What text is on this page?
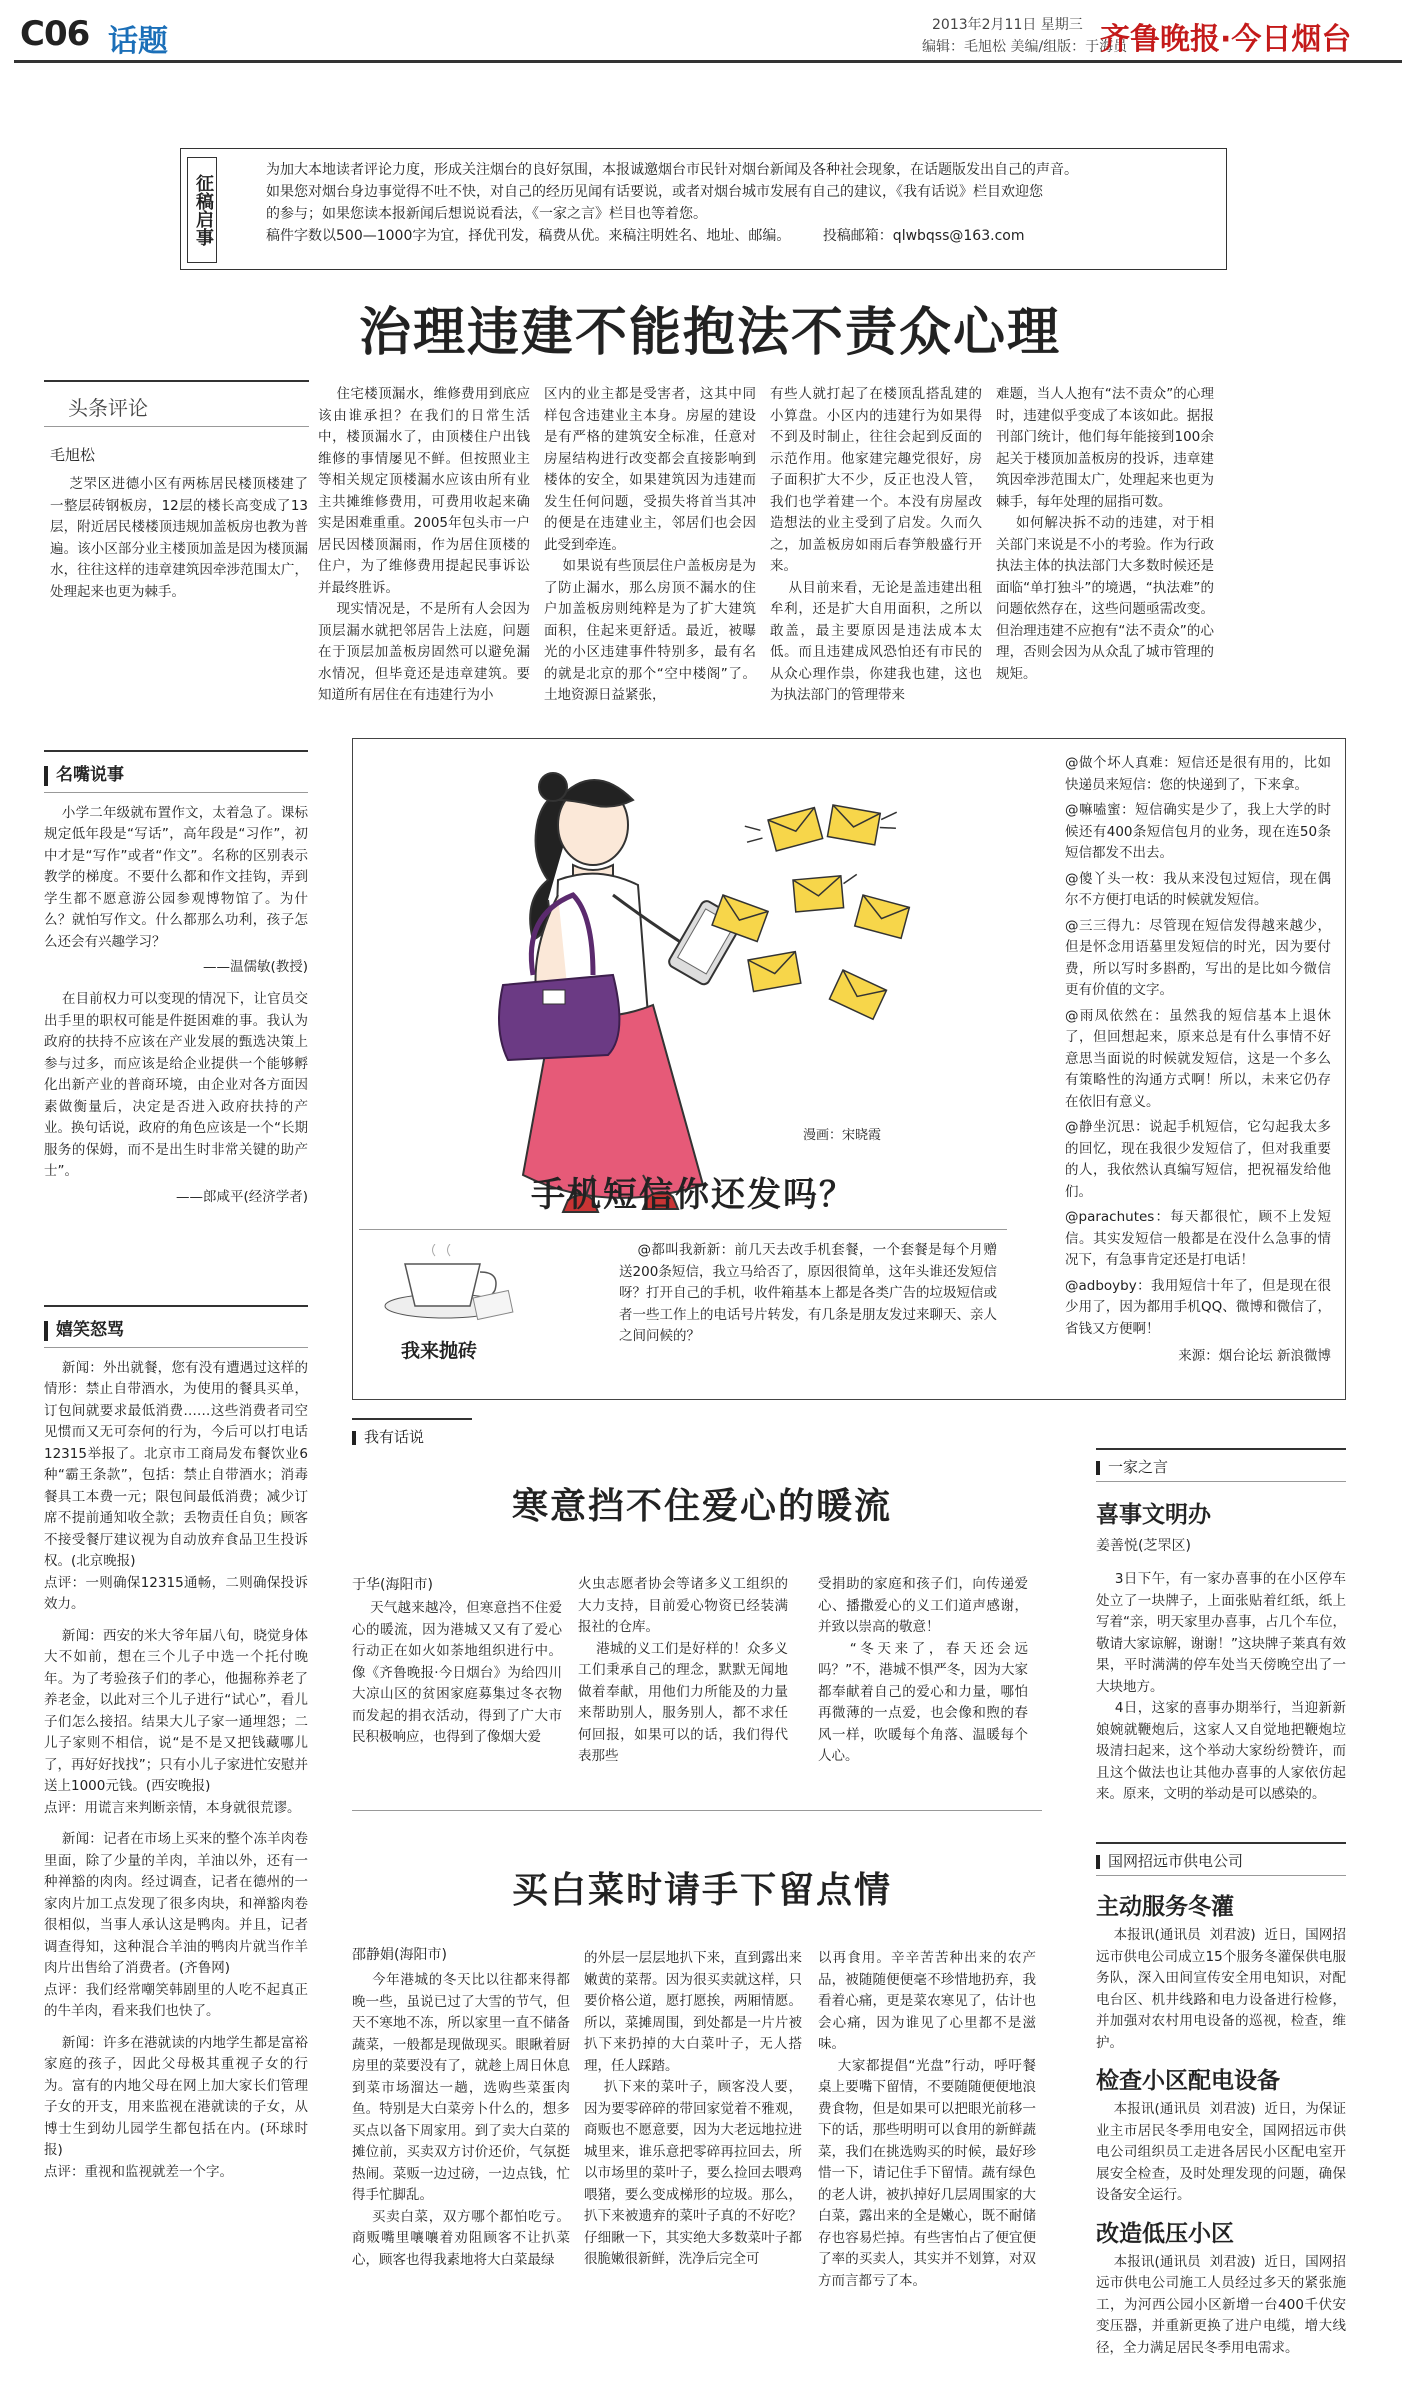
C06 话题	2013年2月11日 星期三
编辑：毛旭松 美编/组版：于海员
齐鲁晚报·今日烟台
征稿启事
为加大本地读者评论力度，形成关注烟台的良好氛围，本报诚邀烟台市民针对烟台新闻及各种社会现象，在话题版发出自己的声音。
如果您对烟台身边事觉得不吐不快，对自己的经历见闻有话要说，或者对烟台城市发展有自己的建议，《我有话说》栏目欢迎您
的参与；如果您读本报新闻后想说说看法，《一家之言》栏目也等着您。
稿件字数以500—1000字为宜，择优刊发，稿费从优。来稿注明姓名、地址、邮编。 投稿邮箱：qlwbqss@163.com
治理违建不能抱法不责众心理
头条评论
毛旭松

芝罘区进德小区有两栋居民楼顶楼建了一整层砖钢板房，12层的楼长高变成了13层，附近居民楼楼顶违规加盖板房也教为普遍。该小区部分业主楼顶加盖是因为楼顶漏水，往往这样的违章建筑因牵涉范围太广，处理起来也更为棘手。

住宅楼顶漏水，维修费用到底应该由谁承担？在我们的日常生活中，楼顶漏水了，由顶楼住户出钱维修的事情屡见不鲜。但按照业主等相关规定顶楼漏水应该由所有业主共摊维修费用，可费用收起来确实是困难重重。2005年包头市一户居民因楼顶漏雨，作为居住顶楼的住户，为了维修费用提起民事诉讼并最终胜诉。
现实情况是，不是所有人会因为顶层漏水就把邻居告上法庭，问题在于顶层加盖板房固然可以避免漏水情况，但毕竟还是违章建筑。要知道所有居住在有违建行为小

区内的业主都是受害者，这其中同样包含违建业主本身。房屋的建设是有严格的建筑安全标准，任意对房屋结构进行改变都会直接影响到楼体的安全，如果建筑因为违建而发生任何问题，受损失将首当其冲的便是在违建业主，邻居们也会因此受到牵连。
如果说有些顶层住户盖板房是为了防止漏水，那么房顶不漏水的住户加盖板房则纯粹是为了扩大建筑面积，住起来更舒适。最近，被曝光的小区违建事件特别多，最有名的就是北京的那个“空中楼阁”了。土地资源日益紧张，

有些人就打起了在楼顶乱搭乱建的小算盘。小区内的违建行为如果得不到及时制止，往往会起到反面的示范作用。他家建完趣党很好，房子面积扩大不少，反正也没人管，我们也学着建一个。本没有房屋改造想法的业主受到了启发。久而久之，加盖板房如雨后春笋般盛行开来。
从目前来看，无论是盖违建出租牟利，还是扩大自用面积，之所以敢盖，最主要原因是违法成本太低。而且违建成风恐怕还有市民的从众心理作祟，你建我也建，这也为执法部门的管理带来

难题，当人人抱有“法不责众”的心理时，违建似乎变成了本该如此。据报刊部门统计，他们每年能接到100余起关于楼顶加盖板房的投诉，违章建筑因牵涉范围太广，处理起来也更为棘手，每年处理的屈指可数。
如何解决拆不动的违建，对于相关部门来说是不小的考验。作为行政执法主体的执法部门大多数时候还是面临“单打独斗”的境遇，“执法难”的问题依然存在，这些问题亟需改变。但治理违建不应抱有“法不责众”的心理，否则会因为从众乱了城市管理的规矩。

名嘴说事

小学二年级就布置作文，太着急了。课标规定低年段是“写话”，高年段是“习作”，初中才是“写作”或者“作文”。名称的区别表示教学的梯度。不要什么都和作文挂钩，弄到学生都不愿意游公园参观博物馆了。为什么？就怕写作文。什么都那么功利，孩子怎么还会有兴趣学习？

——温儒敏(教授)

在目前权力可以变现的情况下，让官员交出手里的职权可能是件挺困难的事。我认为政府的扶持不应该在产业发展的甄选决策上参与过多，而应该是给企业提供一个能够孵化出新产业的普商环境，由企业对各方面因素做衡量后，决定是否进入政府扶持的产业。换句话说，政府的角色应该是一个“长期服务的保姆，而不是出生时非常关键的助产士”。

——郎咸平(经济学者)

嬉笑怒骂

新闻：外出就餐，您有没有遭遇过这样的情形：禁止自带酒水，为使用的餐具买单，订包间就要求最低消费……这些消费者司空见惯而又无可奈何的行为，今后可以打电话12315举报了。北京市工商局发布餐饮业6种“霸王条款”，包括：禁止自带酒水；消毒餐具工本费一元；限包间最低消费；减少订席不提前通知收全款；丢物责任自负；顾客不接受餐厅建议视为自动放弃食品卫生投诉权。(北京晚报)

点评：一则确保12315通畅，二则确保投诉效力。

新闻：西安的米大爷年届八旬，晓觉身体大不如前，想在三个儿子中选一个托付晚年。为了考验孩子们的孝心，他掘称养老了养老金，以此对三个儿子进行“试心”，看儿子们怎么接招。结果大儿子家一通埋怨；二儿子家则不相信，说“是不是又把钱藏哪儿了，再好好找找”；只有小儿子家进忙安慰并送上1000元钱。(西安晚报)

点评：用谎言来判断亲情，本身就很荒谬。

新闻：记者在市场上买来的整个冻羊肉卷里面，除了少量的羊肉，羊油以外，还有一种禅豁的肉肉。经过调查，记者在德州的一家肉片加工点发现了很多肉块，和禅豁肉卷很相似，当事人承认这是鸭肉。并且，记者调查得知，这种混合羊油的鸭肉片就当作羊肉片出售给了消费者。(齐鲁网)

点评：我们经常嘲笑韩剧里的人吃不起真正的牛羊肉，看来我们也快了。

新闻：许多在港就读的内地学生都是富裕家庭的孩子，因此父母极其重视子女的行为。富有的内地父母在网上加大家长们管理子女的开支，用来监视在港就读的子女，从博士生到幼儿园学生都包括在内。(环球时报)

点评：重视和监视就差一个字。

漫画：宋晓霞
手机短信你还发吗？
我来抛砖

@都叫我新新：前几天去改手机套餐，一个套餐是每个月赠送200条短信，我立马给否了，原因很简单，这年头谁还发短信呀？打开自己的手机，收件箱基本上都是各类广告的垃圾短信或者一些工作上的电话号片转发，有几条是朋友发过来聊天、亲人之间问候的？

@做个坏人真难：短信还是很有用的，比如快递员来短信：您的快递到了，下来拿。

@嘛嗑蜜：短信确实是少了，我上大学的时候还有400条短信包月的业务，现在连50条短信都发不出去。

@傻丫头一枚：我从来没包过短信，现在偶尔不方便打电话的时候就发短信。

@三三得九：尽管现在短信发得越来越少，但是怀念用语墓里发短信的时光，因为要付费，所以写时多斟酌，写出的是比如今微信更有价值的文字。

@雨凤依然在：虽然我的短信基本上退休了，但回想起来，原来总是有什么事情不好意思当面说的时候就发短信，这是一个多么有策略性的沟通方式啊！所以，未来它仍存在依旧有意义。

@静坐沉思：说起手机短信，它勾起我太多的回忆，现在我很少发短信了，但对我重要的人，我依然认真编写短信，把祝福发给他们。

@parachutes：每天都很忙，顾不上发短信。其实发短信一般都是在没什么急事的情况下，有急事肯定还是打电话！

@adboyby：我用短信十年了，但是现在很少用了，因为都用手机QQ、微博和微信了，省钱又方便啊！

来源：烟台论坛 新浪微博

我有话说
寒意挡不住爱心的暖流
于华(海阳市)

天气越来越冷，但寒意挡不住爱心的暖流，因为港城又又有了爱心行动正在如火如荼地组织进行中。像《齐鲁晚报·今日烟台》为给四川大凉山区的贫困家庭募集过冬衣物而发起的捐衣活动，得到了广大市民积极响应，也得到了像烟大爱

火虫志愿者协会等诸多义工组织的大力支持，目前爱心物资已经装满报社的仓库。
港城的义工们是好样的！众多义工们秉承自己的理念，默默无闻地做着奉献，用他们力所能及的力量来帮助别人，服务别人，都不求任何回报，如果可以的话，我们得代表那些

受捐助的家庭和孩子们，向传递爱心、播撒爱心的义工们道声感谢，并致以崇高的敬意！
“冬天来了，春天还会远吗？”不，港城不惧严冬，因为大家都奉献着自己的爱心和力量，哪怕再微薄的一点爱，也会像和煦的春风一样，吹暖每个角落、温暖每个人心。

买白菜时请手下留点情
邵静娟(海阳市)

今年港城的冬天比以往都来得都晚一些，虽说已过了大雪的节气，但天不寒地不冻，所以家里一直不储备蔬菜，一般都是现做现买。眼瞅着厨房里的菜要没有了，就趁上周日休息到菜市场溜达一趟，选购些菜蛋肉鱼。特别是大白菜旁卜什么的，想多买点以备下周家用。到了卖大白菜的摊位前，买卖双方讨价还价，气氛挺热闹。菜贩一边过磅，一边点钱，忙得手忙脚乱。
买卖白菜，双方哪个都怕吃亏。商贩嘴里嚷嚷着劝阻顾客不让扒菜心，顾客也得我素地将大白菜最绿

的外层一层层地扒下来，直到露出来嫩黄的菜帮。因为很买卖就这样，只要价格公道，愿打愿挨，两厢情愿。所以，菜摊周围，到处都是一片片被扒下来扔掉的大白菜叶子，无人搭理，任人踩踏。
扒下来的菜叶子，顾客没人要，因为要零碎碎的带回家觉着不雅观，商贩也不愿意要，因为大老远地拉进城里来，谁乐意把零碎再拉回去，所以市场里的菜叶子，要么捡回去喂鸡喂猪，要么变成梯形的垃圾。那么，扒下来被遗弃的菜叶子真的不好吃？仔细瞅一下，其实绝大多数菜叶子都很脆嫩很新鲜，洗净后完全可

以再食用。辛辛苦苦种出来的农产品，被随随便便毫不珍惜地扔弃，我看着心痛，更是菜农寒见了，估计也会心痛，因为谁见了心里都不是滋味。
大家都提倡“光盘”行动，呼吁餐桌上要嘴下留情，不要随随便便地浪费食物，但是如果可以把眼光前移一下的话，那些明明可以食用的新鲜蔬菜，我们在挑选购买的时候，最好珍惜一下，请记住手下留情。蔬有绿色的老人讲，被扒掉好几层周围家的大白菜，露出来的全是嫩心，既不耐储存也容易烂掉。有些害怕占了便宜便了率的买卖人，其实并不划算，对双方而言都亏了本。

一家之言
喜事文明办
姜善悦(芝罘区)

3日下午，有一家办喜事的在小区停车处立了一块牌子，上面张贴着红纸，纸上写着“亲，明天家里办喜事，占几个车位，敬请大家谅解，谢谢！”这块牌子莱真有效果，平时满满的停车处当天傍晚空出了一大块地方。
4日，这家的喜事办期举行，当迎新新娘婉就鞭炮后，这家人又自觉地把鞭炮垃圾清扫起来，这个举动大家纷纷赞许，而且这个做法也让其他办喜事的人家依仿起来。原来，文明的举动是可以感染的。

国网招远市供电公司
主动服务冬灌

本报讯(通讯员  刘君波)  近日，国网招远市供电公司成立15个服务冬灌保供电服务队，深入田间宣传安全用电知识，对配电台区、机井线路和电力设备进行检修，并加强对农村用电设备的巡视，检查，维护。

检查小区配电设备

本报讯(通讯员  刘君波)  近日，为保证业主市居民冬季用电安全，国网招远市供电公司组织员工走进各居民小区配电室开展安全检查，及时处理发现的问题，确保设备安全运行。

改造低压小区

本报讯(通讯员  刘君波)  近日，国网招远市供电公司施工人员经过多天的紧张施工，为河西公园小区新增一台400千伏安变压器，并重新更换了进户电缆，增大线径，全力满足居民冬季用电需求。
